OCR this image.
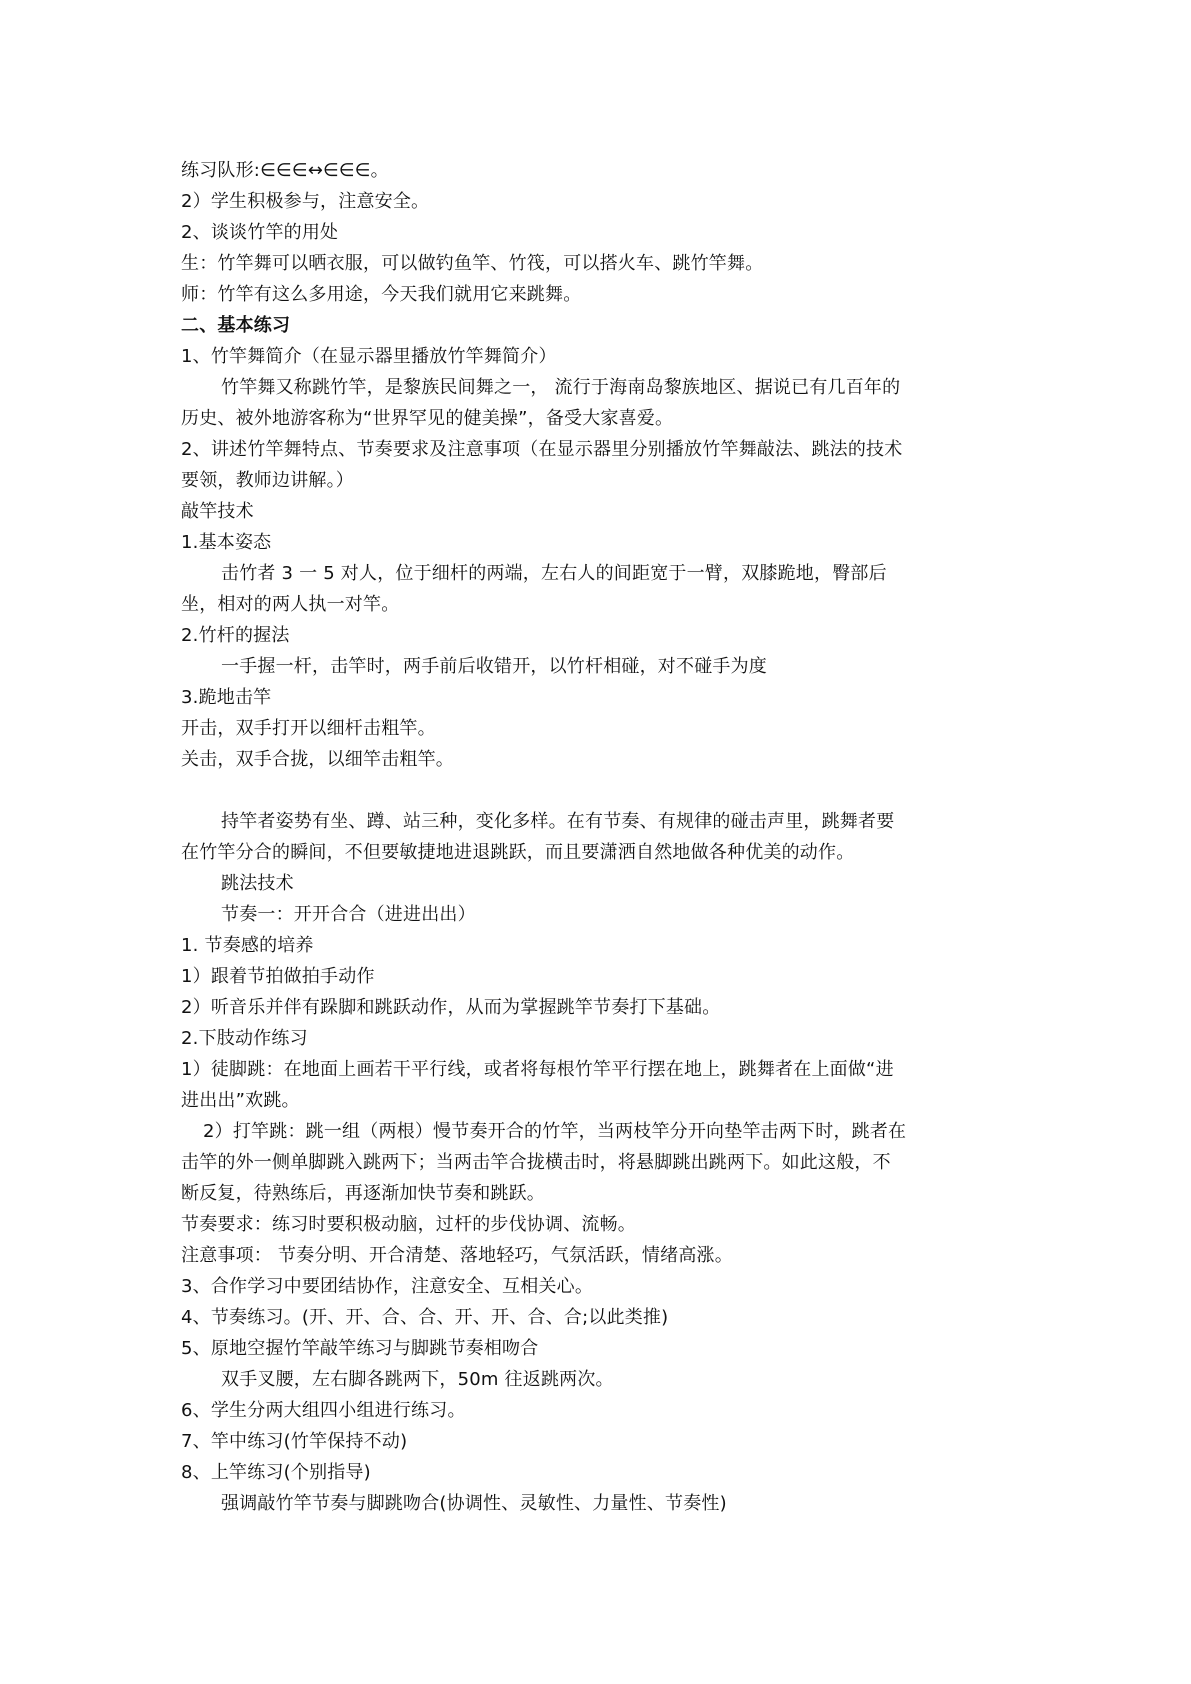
练习队形:∈∈∈↔∈∈∈。
2）学生积极参与，注意安全。
2、谈谈竹竿的用处
生：竹竿舞可以晒衣服，可以做钓鱼竿、竹筏，可以搭火车、跳竹竿舞。
师：竹竿有这么多用途，今天我们就用它来跳舞。
二、基本练习
1、竹竿舞简介（在显示器里播放竹竿舞简介）
竹竿舞又称跳竹竿，是黎族民间舞之一， 流行于海南岛黎族地区、据说已有几百年的
历史、被外地游客称为“世界罕见的健美操”，备受大家喜爱。
2、讲述竹竿舞特点、节奏要求及注意事项（在显示器里分别播放竹竿舞敲法、跳法的技术
要领，教师边讲解。）
敲竿技术
1.基本姿态
击竹者 3 一 5 对人，位于细杆的两端，左右人的间距宽于一臂，双膝跪地，臀部后
坐，相对的两人执一对竿。
2.竹杆的握法
一手握一杆，击竿时，两手前后收错开，以竹杆相碰，对不碰手为度
3.跪地击竿
开击，双手打开以细杆击粗竿。
关击，双手合拢，以细竿击粗竿。
持竿者姿势有坐、蹲、站三种，变化多样。在有节奏、有规律的碰击声里，跳舞者要
在竹竿分合的瞬间，不但要敏捷地进退跳跃，而且要潇洒自然地做各种优美的动作。
跳法技术
节奏一：开开合合（进进出出）
1. 节奏感的培养
1）跟着节拍做拍手动作
2）听音乐并伴有跺脚和跳跃动作，从而为掌握跳竿节奏打下基础。
2.下肢动作练习
1）徒脚跳：在地面上画若干平行线，或者将每根竹竿平行摆在地上，跳舞者在上面做“进
进出出”欢跳。
2）打竿跳：跳一组（两根）慢节奏开合的竹竿，当两枝竿分开向垫竿击两下时，跳者在
击竿的外一侧单脚跳入跳两下；当两击竿合拢横击时，将悬脚跳出跳两下。如此这般，不
断反复，待熟练后，再逐渐加快节奏和跳跃。
节奏要求：练习时要积极动脑，过杆的步伐协调、流畅。
注意事项： 节奏分明、开合清楚、落地轻巧，气氛活跃，情绪高涨。
3、合作学习中要团结协作，注意安全、互相关心。
4、节奏练习。(开、开、合、合、开、开、合、合;以此类推)
5、原地空握竹竿敲竿练习与脚跳节奏相吻合
双手叉腰，左右脚各跳两下，50m 往返跳两次。
6、学生分两大组四小组进行练习。
7、竿中练习(竹竿保持不动)
8、上竿练习(个别指导)
强调敲竹竿节奏与脚跳吻合(协调性、灵敏性、力量性、节奏性)
